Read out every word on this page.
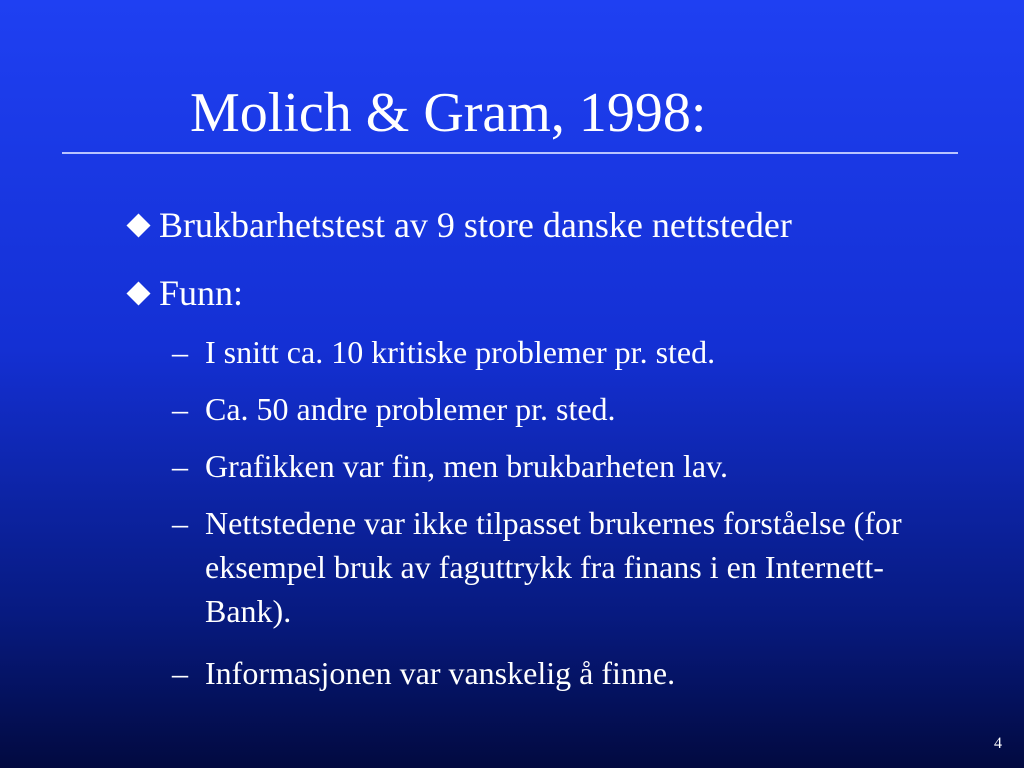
Molich & Gram, 1998:
Brukbarhetstest av 9 store danske nettsteder
Funn:
– I snitt ca. 10 kritiske problemer pr. sted.
– Ca. 50 andre problemer pr. sted.
– Grafikken var fin, men brukbarheten lav.
– Nettstedene var ikke tilpasset brukernes forståelse (for eksempel bruk av faguttrykk fra finans i en Internett-Bank).
– Informasjonen var vanskelig å finne.
4
